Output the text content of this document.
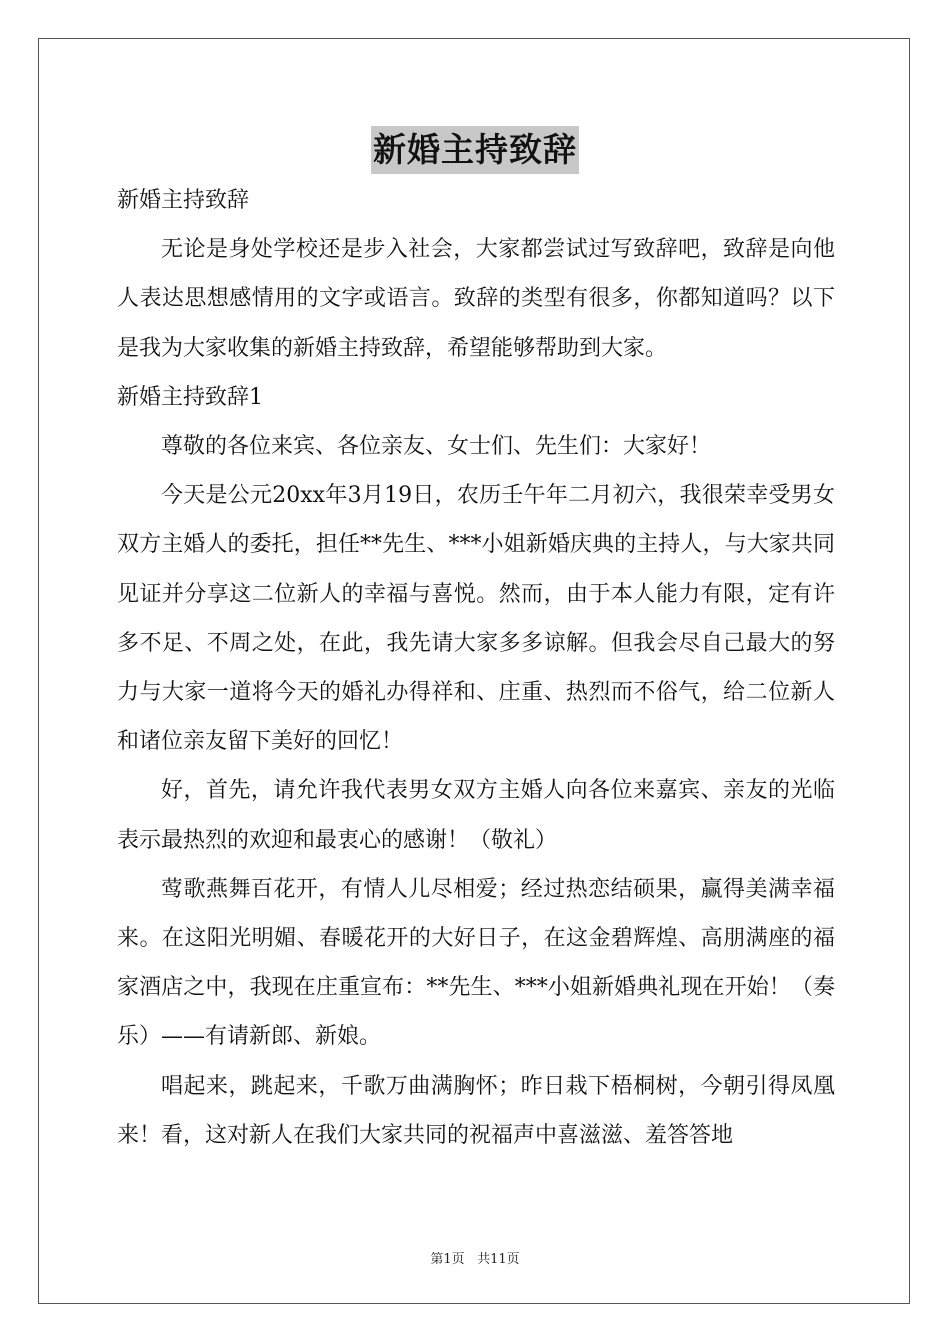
新婚主持致辞

新婚主持致辞

无论是身处学校还是步入社会，大家都尝试过写致辞吧，致辞是向他人表达思想感情用的文字或语言。致辞的类型有很多，你都知道吗？以下是我为大家收集的新婚主持致辞，希望能够帮助到大家。

新婚主持致辞1

尊敬的各位来宾、各位亲友、女士们、先生们：大家好！

今天是公元20xx年3月19日，农历壬午年二月初六，我很荣幸受男女双方主婚人的委托，担任**先生、***小姐新婚庆典的主持人，与大家共同见证并分享这二位新人的幸福与喜悦。然而，由于本人能力有限，定有许多不足、不周之处，在此，我先请大家多多谅解。但我会尽自己最大的努力与大家一道将今天的婚礼办得祥和、庄重、热烈而不俗气，给二位新人和诸位亲友留下美好的回忆！

好，首先，请允许我代表男女双方主婚人向各位来嘉宾、亲友的光临表示最热烈的欢迎和最衷心的感谢！（敬礼）

莺歌燕舞百花开，有情人儿尽相爱；经过热恋结硕果，赢得美满幸福来。在这阳光明媚、春暖花开的大好日子，在这金碧辉煌、高朋满座的福家酒店之中，我现在庄重宣布：**先生、***小姐新婚典礼现在开始！（奏乐）——有请新郎、新娘。

唱起来，跳起来，千歌万曲满胸怀；昨日栽下梧桐树，今朝引得凤凰来！看，这对新人在我们大家共同的祝福声中喜滋滋、羞答答地

第1页 共11页
